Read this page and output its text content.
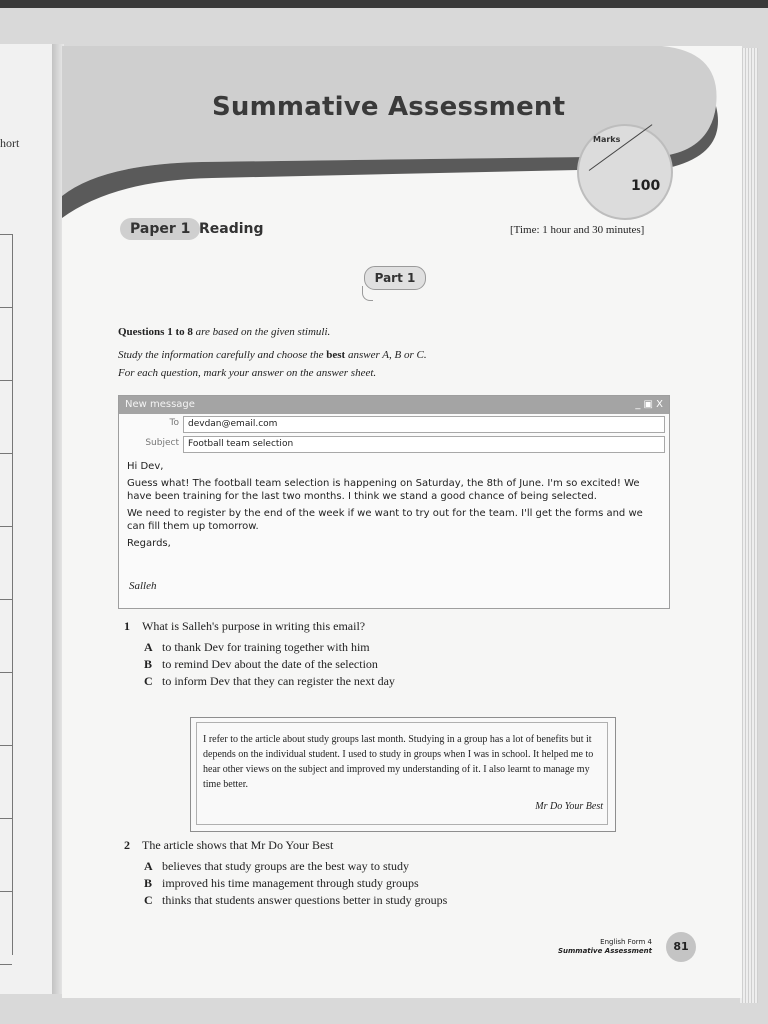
hort
Summative Assessment
Marks
100
Paper 1 Reading	[Time: 1 hour and 30 minutes]
Part 1
Questions 1 to 8 are based on the given stimuli.
Study the information carefully and choose the best answer A, B or C.
For each question, mark your answer on the answer sheet.
New message	_ ▣ X
To	devdan@email.com
Subject	Football team selection

Hi Dev,

Guess what! The football team selection is happening on Saturday, the 8th of June. I'm so excited! We have been training for the last two months. I think we stand a good chance of being selected.

We need to register by the end of the week if we want to try out for the team. I'll get the forms and we can fill them up tomorrow.

Regards,

Salleh
1 What is Salleh's purpose in writing this email?
A to thank Dev for training together with him
B to remind Dev about the date of the selection
C to inform Dev that they can register the next day
I refer to the article about study groups last month. Studying in a group has a lot of benefits but it depends on the individual student. I used to study in groups when I was in school. It helped me to hear other views on the subject and improved my understanding of it. I also learnt to manage my time better.
Mr Do Your Best
2 The article shows that Mr Do Your Best
A believes that study groups are the best way to study
B improved his time management through study groups
C thinks that students answer questions better in study groups
English Form 4
Summative Assessment	81
